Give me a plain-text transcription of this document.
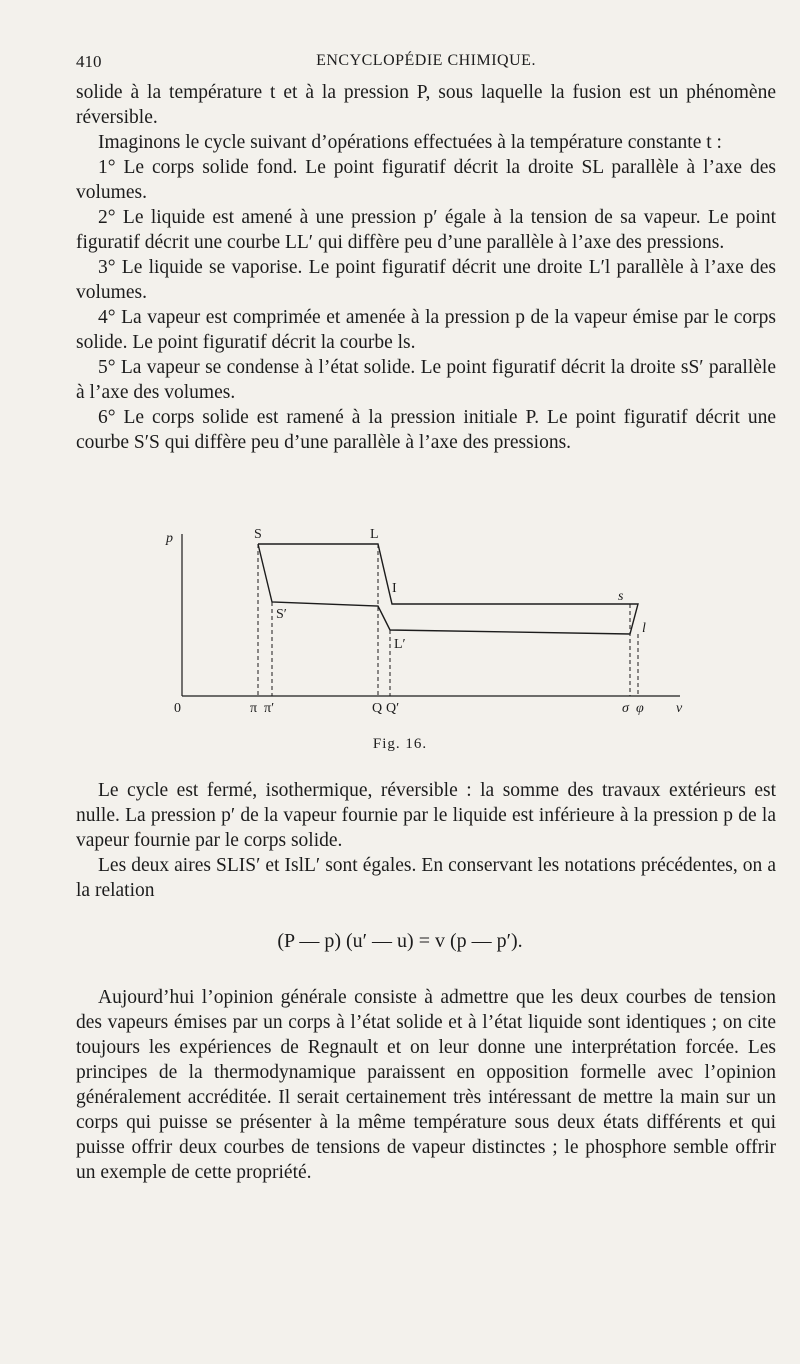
410	ENCYCLOPÉDIE CHIMIQUE.

solide à la température t et à la pression P, sous laquelle la fusion est un phénomène réversible.

Imaginons le cycle suivant d’opérations effectuées à la température constante t :

1° Le corps solide fond. Le point figuratif décrit la droite SL parallèle à l’axe des volumes.

2° Le liquide est amené à une pression p′ égale à la tension de sa vapeur. Le point figuratif décrit une courbe LL′ qui diffère peu d’une parallèle à l’axe des pressions.

3° Le liquide se vaporise. Le point figuratif décrit une droite L′l parallèle à l’axe des volumes.

4° La vapeur est comprimée et amenée à la pression p de la vapeur émise par le corps solide. Le point figuratif décrit la courbe ls.

5° La vapeur se condense à l’état solide. Le point figuratif décrit la droite sS′ parallèle à l’axe des volumes.

6° Le corps solide est ramené à la pression initiale P. Le point figuratif décrit une courbe S′S qui diffère peu d’une parallèle à l’axe des pressions.

p
v
0
S	L
I
S′
L′
s
l
π π′	Q Q′	σ φ
Fig. 16.

Le cycle est fermé, isothermique, réversible : la somme des travaux extérieurs est nulle. La pression p′ de la vapeur fournie par le liquide est inférieure à la pression p de la vapeur fournie par le corps solide.

Les deux aires SLIS′ et IslL′ sont égales. En conservant les notations précédentes, on a la relation

(P — p) (u′ — u) = v (p — p′).

Aujourd’hui l’opinion générale consiste à admettre que les deux courbes de tension des vapeurs émises par un corps à l’état solide et à l’état liquide sont identiques ; on cite toujours les expériences de Regnault et on leur donne une interprétation forcée. Les principes de la thermodynamique paraissent en opposition formelle avec l’opinion généralement accréditée. Il serait certainement très intéressant de mettre la main sur un corps qui puisse se présenter à la même température sous deux états différents et qui puisse offrir deux courbes de tensions de vapeur distinctes ; le phosphore semble offrir un exemple de cette propriété.
